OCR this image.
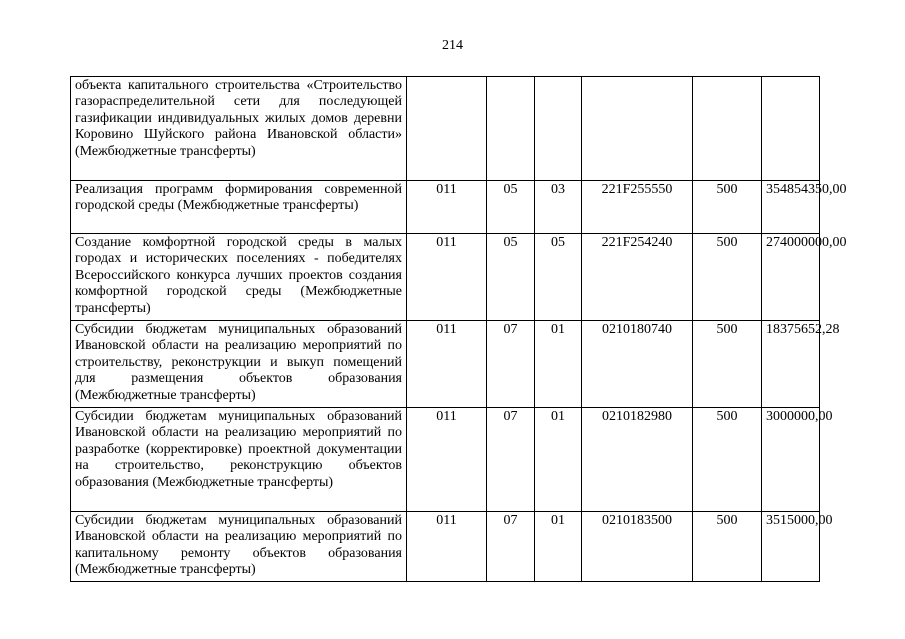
214
объекта капитального строительства «Строительство газораспределительной сети для последующей газификации индивидуальных жилых домов деревни Коровино Шуйского района Ивановской области» (Межбюджетные трансферты)						
Реализация программ формирования современной городской среды (Межбюджетные трансферты)	011	05	03	221F255550	500	354854350,00
Создание комфортной городской среды в малых городах и исторических поселениях - победителях Всероссийского конкурса лучших проектов создания комфортной городской среды (Межбюджетные трансферты)	011	05	05	221F254240	500	274000000,00
Субсидии бюджетам муниципальных образований Ивановской области на реализацию мероприятий по строительству, реконструкции и выкуп помещений для размещения объектов образования (Межбюджетные трансферты)	011	07	01	0210180740	500	18375652,28
Субсидии бюджетам муниципальных образований Ивановской области на реализацию мероприятий по разработке (корректировке) проектной документации на строительство, реконструкцию объектов образования (Межбюджетные трансферты)	011	07	01	0210182980	500	3000000,00
Субсидии бюджетам муниципальных образований Ивановской области на реализацию мероприятий по капитальному ремонту объектов образования (Межбюджетные трансферты)	011	07	01	0210183500	500	3515000,00
